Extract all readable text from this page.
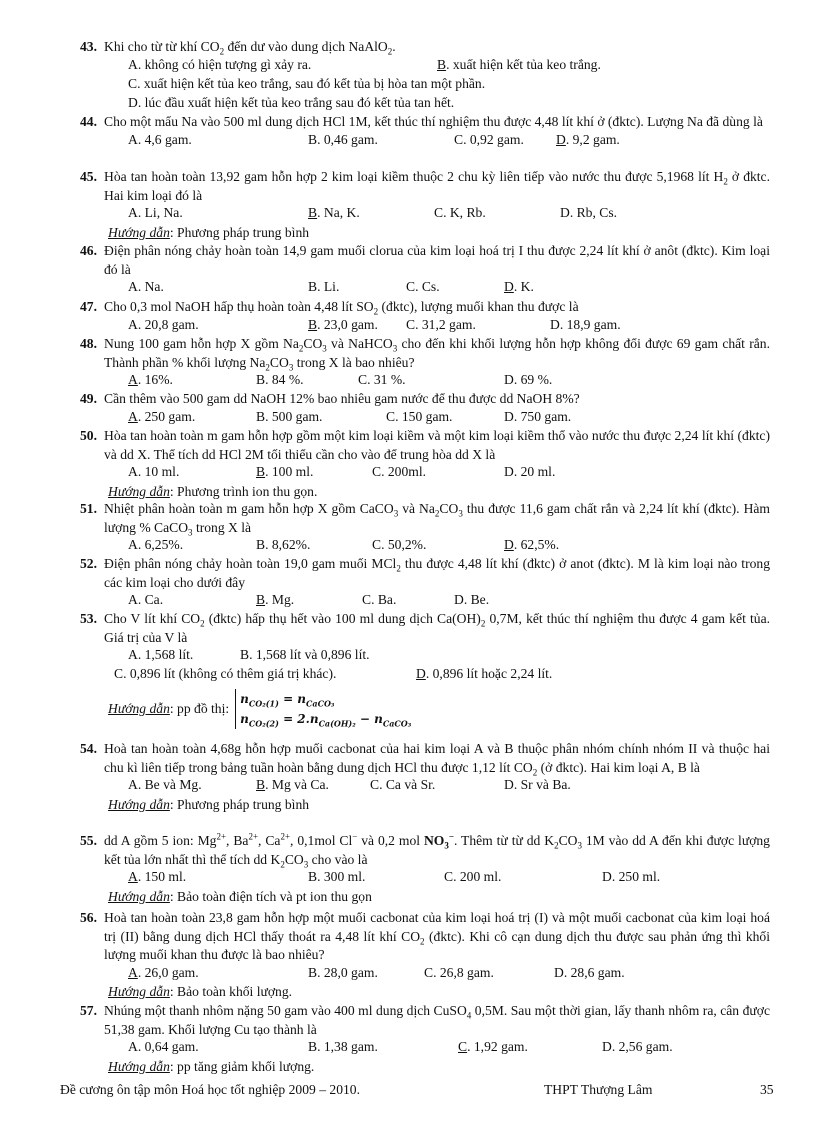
43. Khi cho từ từ khí $CO_2$ đến dư vào dung dịch NaAlO$_2$.
A. không có hiện tượng gì xảy ra.	B. xuất hiện kết tủa keo trắng.
C. xuất hiện kết tủa keo trắng, sau đó kết tủa bị hòa tan một phần.
D. lúc đầu xuất hiện kết tủa keo trắng sau đó kết tủa tan hết.
44. Cho một mẩu Na vào 500 ml dung dịch HCl 1M, kết thúc thí nghiệm thu được 4,48 lít khí ở (đktc). Lượng Na đã dùng là
A. 4,6 gam.	B. 0,46 gam.	C. 0,92 gam. D. 9,2 gam.
45. Hòa tan hoàn toàn 13,92 gam hỗn hợp 2 kim loại kiềm thuộc 2 chu kỳ liên tiếp vào nước thu được 5,1968 lít $H_2$ ở đktc. Hai kim loại đó là
A. Li, Na.	B. Na, K.	C. K, Rb.	D. Rb, Cs.
Hướng dẫn: Phương pháp trung bình
46. Điện phân nóng chảy hoàn toàn 14,9 gam muối clorua của kim loại hoá trị I thu được 2,24 lít khí ở anôt (đktc). Kim loại đó là
A. Na.	B. Li.	C. Cs.	D. K.
47. Cho 0,3 mol NaOH hấp thụ hoàn toàn 4,48 lít $SO_2$ (đktc), lượng muối khan thu được là
A. 20,8 gam.	B. 23,0 gam. C. 31,2 gam.	D. 18,9 gam.
48. Nung 100 gam hỗn hợp X gồm $Na_2CO_3$ và NaHCO$_3$ cho đến khi khối lượng hỗn hợp không đổi được 69 gam chất rắn. Thành phần % khối lượng $Na_2CO_3$ trong X là bao nhiêu?
A. 16%.	B. 84 %.	C. 31 %.	D. 69 %.
49. Cần thêm vào 500 gam dd NaOH 12% bao nhiêu gam nước để thu được dd NaOH 8%?
A. 250 gam.	B. 500 gam.	C. 150 gam.	D. 750 gam.
50. Hòa tan hoàn toàn m gam hỗn hợp gồm một kim loại kiềm và một kim loại kiềm thổ vào nước thu được 2,24 lít khí (đktc) và dd X. Thể tích dd HCl 2M tối thiểu cần cho vào để trung hòa dd X là
A. 10 ml.	B. 100 ml.	C. 200ml.	D. 20 ml.
Hướng dẫn: Phương trình ion thu gọn.
51. Nhiệt phân hoàn toàn m gam hỗn hợp X gồm CaCO$_3$ và $Na_2CO_3$ thu được 11,6 gam chất rắn và 2,24 lít khí (đktc). Hàm lượng % CaCO$_3$ trong X là
A. 6,25%.	B. 8,62%.	C. 50,2%.	D. 62,5%.
52. Điện phân nóng chảy hoàn toàn 19,0 gam muối MCl$_2$ thu được 4,48 lít khí (đktc) ở anot (đktc). M là kim loại nào trong các kim loại cho dưới đây
A. Ca.	B. Mg.	C. Ba.	D. Be.
53. Cho V lít khí $CO_2$ (đktc) hấp thụ hết vào 100 ml dung dịch $Ca(OH)_2$ 0,7M, kết thúc thí nghiệm thu được 4 gam kết tủa. Giá trị của V là
A. 1,568 lít.	B. 1,568 lít và 0,896 lít.
C. 0,896 lít (không có thêm giá trị khác).	D. 0,896 lít hoặc 2,24 lít.
Hướng dẫn : pp đồ thị:
$n_{CO_2(1)} = n_{CaCO_3}$
$n_{CO_2(2)} = 2.n_{Ca(OH)_2} - n_{CaCO_3}$
54. Hoà tan hoàn toàn 4,68g hỗn hợp muối cacbonat của hai kim loại A và B thuộc phân nhóm chính nhóm II và thuộc hai chu kì liên tiếp trong bảng tuần hoàn bằng dung dịch HCl thu được 1,12 lít $CO_2$ (ở đktc). Hai kim loại A, B là
A. Be và Mg.	B. Mg và Ca.	C. Ca và Sr.	D. Sr và Ba.
Hướng dẫn: Phương pháp trung bình
55. dd A gồm 5 ion: $Mg^{2+}$, $Ba^{2+}$, $Ca^{2+}$, 0,1mol Cl− và 0,2 mol $NO_3^-$. Thêm từ từ dd $K_2CO_3$ 1M vào dd A đến khi được lượng kết tủa lớn nhất thì thể tích dd $K_2CO_3$ cho vào là
A. 150 ml.	B. 300 ml.	C. 200 ml.	D. 250 ml.
Hướng dẫn: Bảo toàn điện tích và pt ion thu gọn
56. Hoà tan hoàn toàn 23,8 gam hỗn hợp một muối cacbonat của kim loại hoá trị (I) và một muối cacbonat của kim loại hoá trị (II) bằng dung dịch HCl thấy thoát ra 4,48 lít khí $CO_2$ (đktc). Khi cô cạn dung dịch thu được sau phản ứng thì khối lượng muối khan thu được là bao nhiêu?
A. 26,0 gam.	B. 28,0 gam.	C. 26,8 gam.	D. 28,6 gam.
Hướng dẫn: Bảo toàn khối lượng.
57. Nhúng một thanh nhôm nặng 50 gam vào 400 ml dung dịch CuSO$_4$ 0,5M. Sau một thời gian, lấy thanh nhôm ra, cân được 51,38 gam. Khối lượng Cu tạo thành là
A. 0,64 gam.	B. 1,38 gam.	C. 1,92 gam.	D. 2,56 gam.
Hướng dẫn: pp tăng giảm khối lượng.
Đề cương ôn tập môn Hoá học tốt nghiệp 2009 – 2010.	THPT Thượng Lâm	35
